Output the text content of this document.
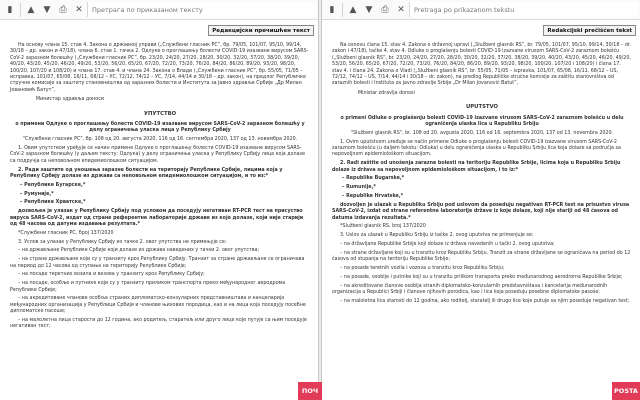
▮	▲	▼ ⎙ ✕
Претрага по приказаном тексту
Редакцијски пречишћен текст

На основу члана 15. став 4. Закона о државној управи („Службени гласник РС”, бр. 79/05, 101/07, 95/10, 99/14, 30/18 – др. закон и 47/18), члана 6. став 1. тачка 2. Одлуке о проглашењу болести COVID-19 изазване вирусом SARS-CoV-2 заразном болешћу („Службени гласник РС”, бр. 23/20, 24/20, 27/20, 28/20, 30/20, 32/20, 37/20, 38/20, 39/20, 40/20, 43/20, 45/20, 46/20, 49/20, 53/20, 56/20, 65/20, 67/20, 72/20, 73/20, 76/20, 84/20, 86/20, 89/20, 93/20, 98/20, 100/20, 107/20 и 108/20) и члана 17. став 4. и члана 24. Закона о Влади („Службени гласник РС”, бр. 55/05, 71/05 – исправка, 101/07, 65/08, 16/11, 68/12 – УС, 72/12, 74/12 – УС, 7/14, 44/14 и 30/18 – др. закон), на предлог Републичке стручне комисије за заштиту становништва од заразних болести и Института за јавно здравље Србије „Др Милан Јовановић Батут”,

Министар здравља доноси

УПУТСТВО

о примени Одлуке о проглашењу болести COVID-19 изазване вирусом SARS-CoV-2 заразном болешћу у делу ограничења уласка лица у Републику Србију

"Службени гласник РС", бр. 108 од 20. августа 2020, 116 од 16. септембра 2020, 137 од 13. новембра 2020.

1. Овим упутством уређује се начин примене Одлуке о проглашењу болести COVID-19 изазване вирусом SARS-CoV-2 заразном болешћу (у даљем тексту: Одлука) у делу ограничења уласка у Републику Србију лица која долазе са подручја са неповољном епидемиолошком ситуацијом.

2. Ради заштите од уношења заразне болести на територију Републике Србије, лицима која у Републику Србију долазе из држава са неповољном епидемиолошком ситуацијом, и то из:*

– Републике Бугарске,*

– Румуније,*

– Републике Хрватске,*

дозвољен је улазак у Републику Србију под условом да поседују негативан RT-PCR тест на присуство вируса SARS-CoV-2, издат од стране референтне лабораторије државе из које долазе, који није старији од 48 часова од датума издавања резултата.*

*Службени гласник РС, број 137/2020

3. Услов за улазак у Републику Србију из тачке 2. овог упутства не примењује се:

– на држављане Републике Србије који долазе из држава наведених у тачки 2. овог упутства;

– на стране држављане који су у транзиту кроз Републику Србију. Транзит за стране држављане се ограничава на период до 12 часова од ступања на територију Републике Србије;

– на посаде теретних возила и возова у транзиту кроз Републику Србију;

– на посаде, особље и путнике који су у транзиту приликом транспорта преко међународног аеродрома Републике Србије;

– на акредитоване чланове особља страних дипломатско-конзуларних представништава и канцеларија међународних организација у Републици Србији и чланове њихових породица, као и на лица која поседују посебне дипломатске пасоше;

– на малолетна лица старости до 12 година, ако родитељ, старатељ или друго лице које путује са њим поседује негативан тест;

▮	▲	▼ ⎙ ✕
Pretraga po prikazanom tekstu
Redakcijski prečišćen tekst

Na osnovu člana 15. stav 4. Zakona o državnoj upravi („Službeni glasnik RS”, br. 79/05, 101/07, 95/10, 99/14, 30/18 – dr. zakon i 47/18), tačke 4. stav 4. Odluke o proglašenju bolesti COVID-19 izazvane virusom SARS-CoV-2 zaraznom bolešću („Službeni glasnik RS”, br. 23/20, 24/20, 27/20, 28/20, 30/20, 32/20, 37/20, 38/20, 39/20, 40/20, 43/20, 45/20, 46/20, 49/20, 53/20, 56/20, 65/20, 67/20, 72/20, 73/20, 76/20, 84/20, 86/20, 89/20, 93/20, 98/20, 100/20, 107/20 i 108/20) i člana 17. stav 4. i člana 24. Zakona o Vladi („Službeni glasnik RS”, br. 55/05, 71/05 – ispravka, 101/07, 65/08, 16/11, 68/12 – US, 72/12, 74/12 – US, 7/14, 44/14 i 30/18 – dr. zakon), na predlog Republičke stručne komisije za zaštitu stanovništva od zaraznih bolesti i Instituta za javno zdravlje Srbije „Dr Milan Jovanović Batut”,

Ministar zdravlja donosi

UPUTSTVO

o primeni Odluke o proglašenju bolesti COVID-19 izazvane virusom SARS-CoV-2 zaraznom bolešću u delu ograničenja ulaska lica u Republiku Srbiju

"Službeni glasnik RS", br. 108 od 20. avgusta 2020, 116 od 16. septembra 2020, 137 od 13. novembra 2020.

1. Ovim uputstvom uređuje se način primene Odluke o proglašenju bolesti COVID-19 izazvane virusom SARS-CoV-2 zaraznom bolešću (u daljem tekstu: Odluka) u delu ograničenja ulaska u Republiku Srbiju lica koja dolaze sa područja sa nepovoljnom epidemiološkom situacijom.

2. Radi zaštite od unošenja zarazne bolesti na teritoriju Republike Srbije, licima koja u Republiku Srbiju dolaze iz država sa nepovoljnom epidemiološkom situacijom, i to iz:*

– Republike Bugarske,*

– Rumunije,*

– Republike Hrvatske,*

dozvoljen je ulazak u Republiku Srbiju pod uslovom da poseduju negativan RT-PCR test na prisustvo virusa SARS-CoV-2, izdat od strane referentne laboratorije države iz koje dolaze, koji nije stariji od 48 časova od datuma izdavanja rezultata.*

*Službeni glasnik RS, broj 137/2020

3. Uslov za ulazak u Republiku Srbiju iz tačke 2. ovog uputstva ne primenjuje se:

– na državljane Republike Srbije koji dolaze iz država navedenih u tački 2. ovog uputstva;

– na strane državljane koji su u tranzitu kroz Republiku Srbiju. Tranzit za strane državljane se ograničava na period do 12 časova od stupanja na teritoriju Republike Srbije;

– na posade teretnih vozila i vozova u tranzitu kroz Republiku Srbiju;

– na posade, osoblje i putnike koji su u tranzitu prilikom transporta preko međunarodnog aerodroma Republike Srbije;

– na akreditovane članove osoblja stranih diplomatsko-konzularnih predstavništava i kancelarija međunarodnih organizacija u Republici Srbiji i članove njihovih porodica, kao i lica koja poseduju posebne diplomatske pasoše;

– na maloletna lica starosti do 12 godina, ako roditelj, staratelj ili drugo lice koje putuje sa njim poseduje negativan test;

ПОЧ	POSTA
